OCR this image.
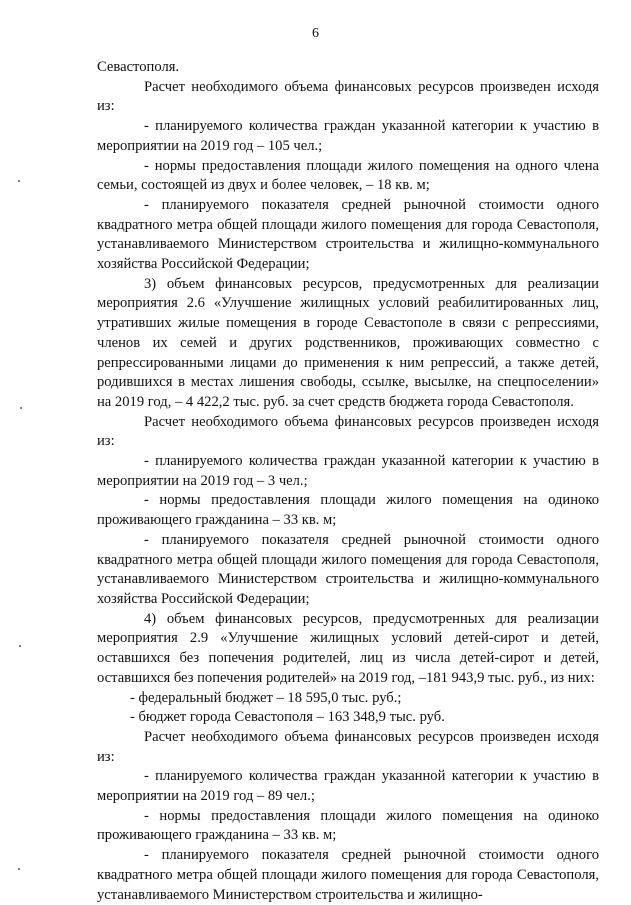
6

Севастополя.

Расчет необходимого объема финансовых ресурсов произведен исходя из:

- планируемого количества граждан указанной категории к участию в мероприятии на 2019 год – 105 чел.;

- нормы предоставления площади жилого помещения на одного члена семьи, состоящей из двух и более человек, – 18 кв. м;

- планируемого показателя средней рыночной стоимости одного квадратного метра общей площади жилого помещения для города Севастополя, устанавливаемого Министерством строительства и жилищно-коммунального хозяйства Российской Федерации;

3) объем финансовых ресурсов, предусмотренных для реализации мероприятия 2.6 «Улучшение жилищных условий реабилитированных лиц, утративших жилые помещения в городе Севастополе в связи с репрессиями, членов их семей и других родственников, проживающих совместно с репрессированными лицами до применения к ним репрессий, а также детей, родившихся в местах лишения свободы, ссылке, высылке, на спецпоселении» на 2019 год, – 4 422,2 тыс. руб. за счет средств бюджета города Севастополя.

Расчет необходимого объема финансовых ресурсов произведен исходя из:

- планируемого количества граждан указанной категории к участию в мероприятии на 2019 год – 3 чел.;

- нормы предоставления площади жилого помещения на одиноко проживающего гражданина – 33 кв. м;

- планируемого показателя средней рыночной стоимости одного квадратного метра общей площади жилого помещения для города Севастополя, устанавливаемого Министерством строительства и жилищно-коммунального хозяйства Российской Федерации;

4) объем финансовых ресурсов, предусмотренных для реализации мероприятия 2.9 «Улучшение жилищных условий детей-сирот и детей, оставшихся без попечения родителей, лиц из числа детей-сирот и детей, оставшихся без попечения родителей» на 2019 год, –181 943,9 тыс. руб., из них:

- федеральный бюджет – 18 595,0 тыс. руб.;

- бюджет города Севастополя – 163 348,9 тыс. руб.

Расчет необходимого объема финансовых ресурсов произведен исходя из:

- планируемого количества граждан указанной категории к участию в мероприятии на 2019 год – 89 чел.;

- нормы предоставления площади жилого помещения на одиноко проживающего гражданина – 33 кв. м;

- планируемого показателя средней рыночной стоимости одного квадратного метра общей площади жилого помещения для города Севастополя, устанавливаемого Министерством строительства и жилищно-
